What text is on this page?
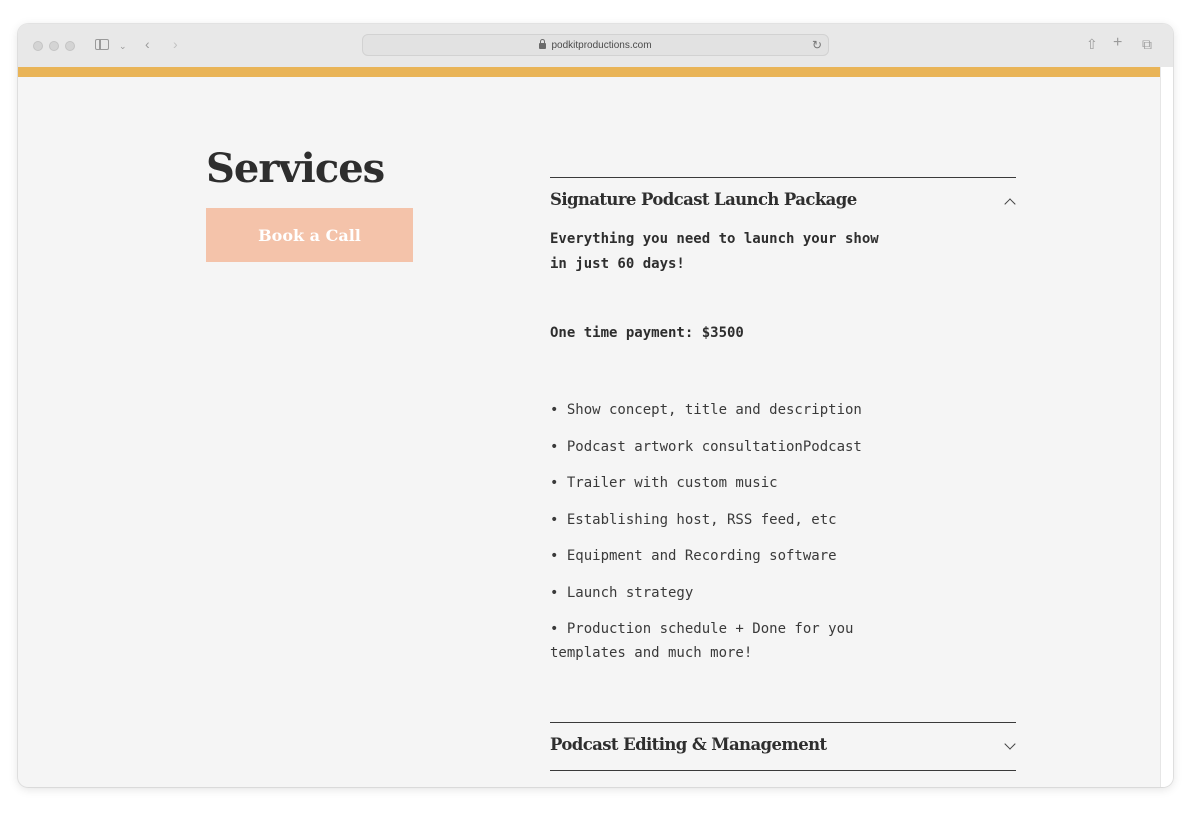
⌄ ‹ ›	podkitproductions.com	↻	⇧ + ⧉
Services
Book a Call
Signature Podcast Launch Package

Everything you need to launch your show in just 60 days!

One time payment: $3500

• Show concept, title and description
• Podcast artwork consultationPodcast
• Trailer with custom music
• Establishing host, RSS feed, etc
• Equipment and Recording software
• Launch strategy
• Production schedule + Done for you templates and much more!
Podcast Editing & Management
